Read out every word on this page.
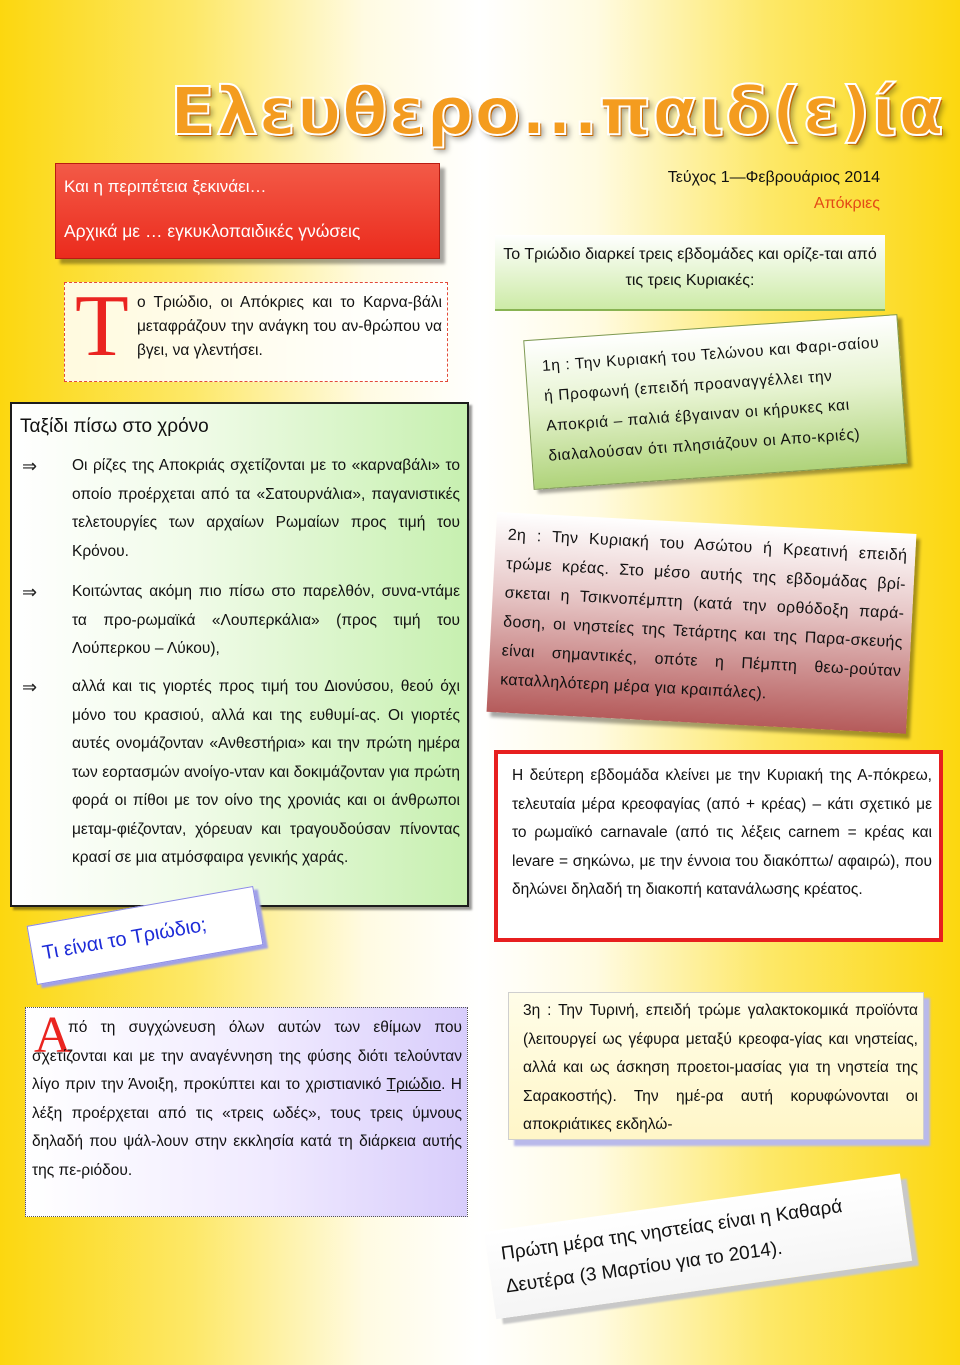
Ελευθερο...παιδ(ε)ία
Και η περιπέτεια ξεκινάει…
Αρχικά με … εγκυκλοπαιδικές γνώσεις
Τ ο Τριώδιο, οι Απόκριες και το Καρνα-βάλι μεταφράζουν την ανάγκη του αν-θρώπου να βγει, να γλεντήσει.
Ταξίδι πίσω στο χρόνο
⇒ Οι ρίζες της Αποκριάς σχετίζονται με το «καρναβάλι» το οποίο προέρχεται από τα «Σατουρνάλια», παγανιστικές τελετουργίες των αρχαίων Ρωμαίων προς τιμή του Κρόνου.
⇒ Κοιτώντας ακόμη πιο πίσω στο παρελθόν, συνα-ντάμε τα προ-ρωμαϊκά «Λουπερκάλια» (προς τιμή του Λούπερκου – Λύκου),
⇒ αλλά και τις γιορτές προς τιμή του Διονύσου, θεού όχι μόνο του κρασιού, αλλά και της ευθυμί-ας. Οι γιορτές αυτές ονομάζονταν «Ανθεστήρια» και την πρώτη ημέρα των εορτασμών ανοίγο-νταν και δοκιμάζονταν για πρώτη φορά οι πίθοι με τον οίνο της χρονιάς και οι άνθρωποι μεταμ-φιέζονταν, χόρευαν και τραγουδούσαν πίνοντας κρασί σε μια ατμόσφαιρα γενικής χαράς.
Τι είναι το Τριώδιο;
Α
πό τη συγχώνευση όλων αυτών των εθίμων που σχετίζονται και με την αναγέννηση της φύσης διότι τελούνταν λίγο πριν την Άνοιξη, προκύπτει και το χριστιανικό Τριώδιο. Η λέξη προέρχεται από τις «τρεις ωδές», τους τρεις ύμνους δηλαδή που ψάλ-λουν στην εκκλησία κατά τη διάρκεια αυτής της πε-ριόδου.
Τεύχος 1—Φεβρουάριος 2014
Απόκριες
Το Τριώδιο διαρκεί τρεις εβδομάδες και ορίζε-ται από τις τρεις Κυριακές:
1η : Την Κυριακή του Τελώνου και Φαρι-σαίου ή Προφωνή (επειδή προαναγγέλλει την Αποκριά – παλιά έβγαιναν οι κήρυκες και διαλαλούσαν ότι πλησιάζουν οι Απο-κριές)
2η : Την Κυριακή του Ασώτου ή Κρεατινή επειδή τρώμε κρέας. Στο μέσο αυτής της εβδομάδας βρί-σκεται η Τσικνοπέμπτη (κατά την ορθόδοξη παρά-δοση, οι νηστείες της Τετάρτης και της Παρα-σκευής είναι σημαντικές, οπότε η Πέμπτη θεω-ρούταν καταλληλότερη μέρα για κραιπάλες).
Η δεύτερη εβδομάδα κλείνει με την Κυριακή της Α-πόκρεω, τελευταία μέρα κρεοφαγίας (από + κρέας) – κάτι σχετικό με το ρωμαϊκό carnavale (από τις λέξεις carnem = κρέας και levare = σηκώνω, με την έννοια του διακόπτω/ αφαιρώ), που δηλώνει δηλαδή τη διακοπή κατανάλωσης κρέατος.
3η : Την Τυρινή, επειδή τρώμε γαλακτοκομικά προϊόντα (λειτουργεί ως γέφυρα μεταξύ κρεοφα-γίας και νηστείας, αλλά και ως άσκηση προετοι-μασίας για τη νηστεία της Σαρακοστής). Την ημέ-ρα αυτή κορυφώνονται οι αποκριάτικες εκδηλώ-
Πρώτη μέρα της νηστείας είναι η Καθαρά Δευτέρα (3 Μαρτίου για το 2014).
